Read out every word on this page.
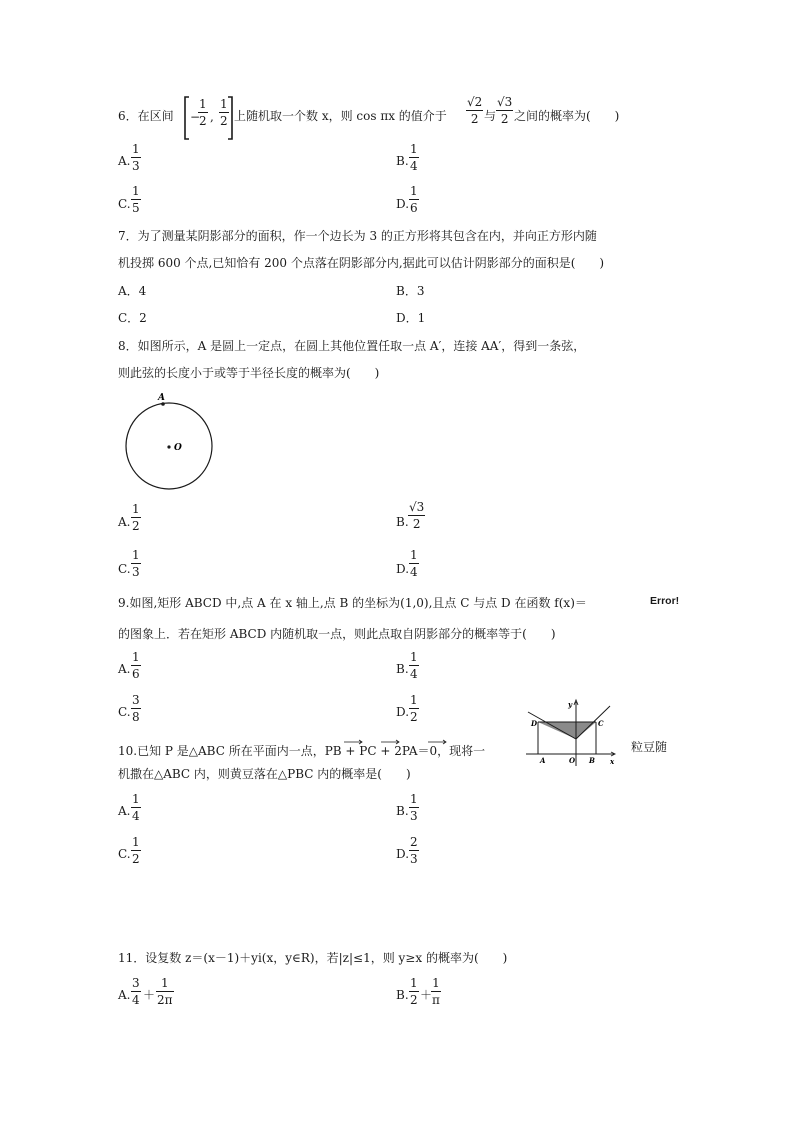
6．在区间 −
1
2 ,
1
2 上随机取一个数 x，则 cos πx 的值介于
√2
2 与
√3
2 之间的概率为(　　)
A.
1
3	B.
1
4
C.
1
5	D.
1
6
7．为了测量某阴影部分的面积，作一个边长为 3 的正方形将其包含在内，并向正方形内随
机投掷 600 个点,已知恰有 200 个点落在阴影部分内,据此可以估计阴影部分的面积是(　　)
A．4	B．3
C．2	D．1
8．如图所示，A 是圆上一定点，在圆上其他位置任取一点 A′，连接 AA′，得到一条弦，
则此弦的长度小于或等于半径长度的概率为(　　)
A
O
A.
1
2	B.
√3
2
C.
1
3	D.
1
4
9.如图,矩形 ABCD 中,点 A 在 x 轴上,点 B 的坐标为(1,0),且点 C 与点 D 在函数 f(x)＝	Error!
的图象上．若在矩形 ABCD 内随机取一点，则此点取自阴影部分的概率等于(　　)
A.
1
6	B.
1
4
C.
3
8	D.
1
2
y
x
D	C
A	O B
10.已知 P 是△ABC 所在平面内一点，PB + PC + 2PA＝0，现将一	粒豆随
机撒在△ABC 内，则黄豆落在△PBC 内的概率是(　　)
A.
1
4	B.
1
3
C.
1
2	D.
2
3
11．设复数 z＝(x－1)＋yi(x，y∈R)，若|z|≤1，则 y≥x 的概率为(　　)
A.
3
4 ＋
1
2π	B.
1
2 ＋
1
π
